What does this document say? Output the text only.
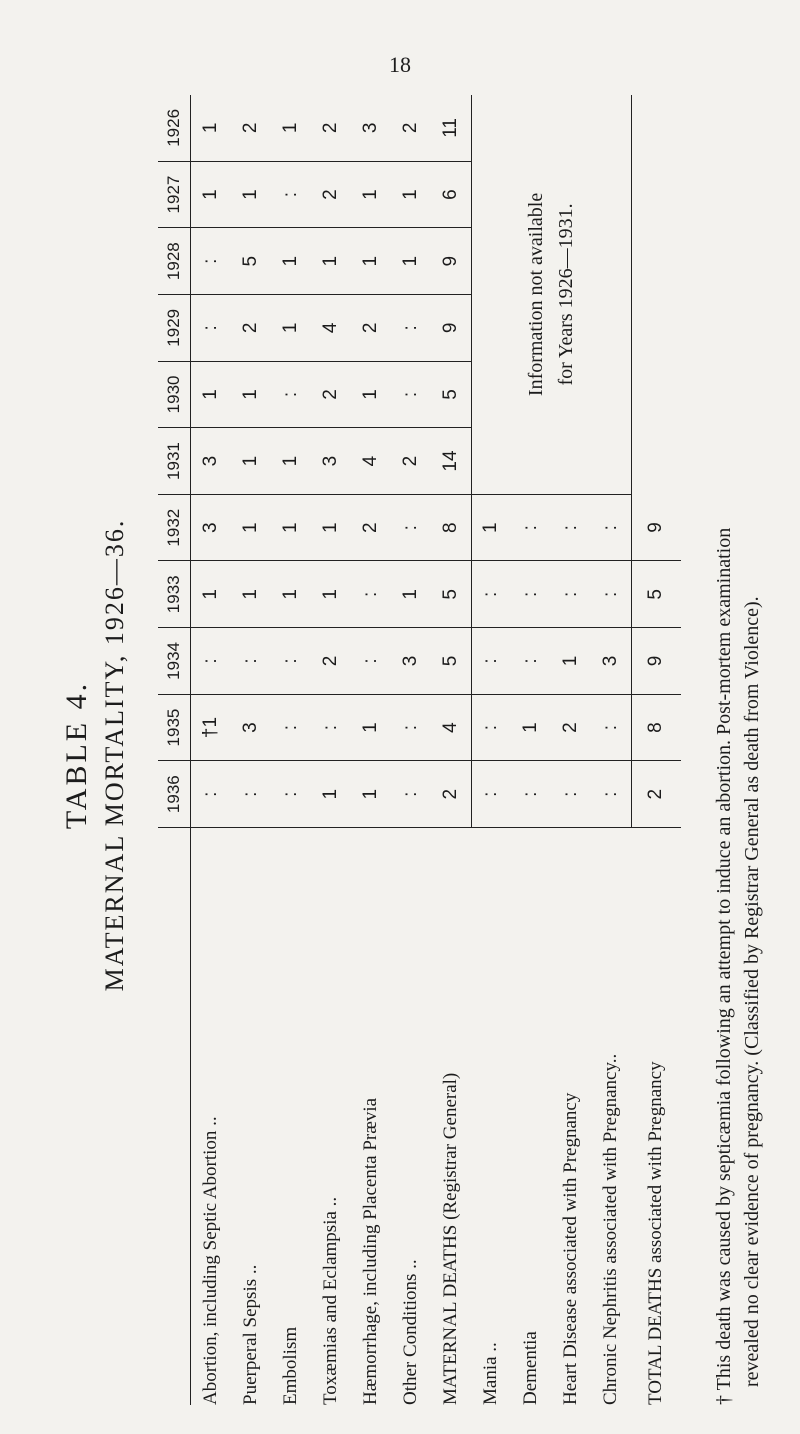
18
TABLE 4. MATERNAL MORTALITY, 1926—36.
		1936	1935	1934	1933	1932	1931	1930	1929	1928	1927	1926
Abortion, including Septic Abortion ..	:	†1	:	1	3	3	1	:	:	1	1
Puerperal Sepsis ..	:	3	:	1	1	1	1	2	5	1	2
Embolism	:	:	:	1	1	1	:	1	1	:	1
Toxæmias and Eclampsia ..	1	:	2	1	1	3	2	4	1	2	2
Hæmorrhage, including Placenta Prævia	1	1	:	:	2	4	1	2	1	1	3
Other Conditions ..	:	:	3	1	:	2	:	:	1	1	2
MATERNAL DEATHS (Registrar General)	2	4	5	5	8	14	5	9	9	6	11
Mania ..	:	:	:	:	1	Information not available for Years 1926—1931.					

Dementia	:	1	:	:	:						
Heart Disease associated with Pregnancy	:	2	1	:	:						
Chronic Nephritis associated with Pregnancy..	:	:	3	:	:						
TOTAL DEATHS associated with Pregnancy	2	8	9	5	9						
† This death was caused by septicæmia following an attempt to induce an abortion. Post-mortem examination revealed no clear evidence of pregnancy. (Classified by Registrar General as death from Violence).
